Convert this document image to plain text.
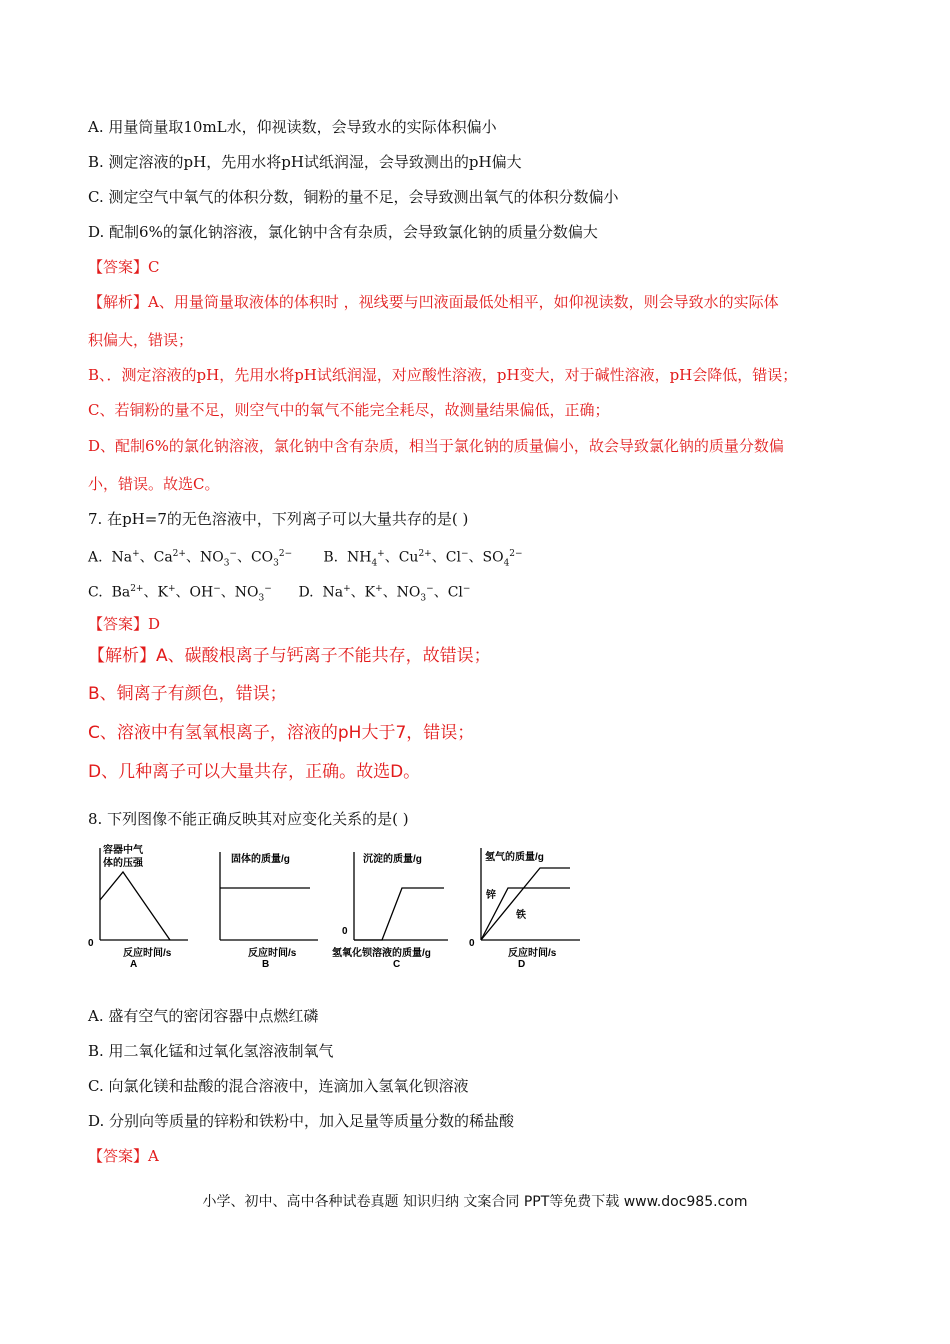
A. 用量筒量取10mL水，仰视读数，会导致水的实际体积偏小
B. 测定溶液的pH，先用水将pH试纸润湿，会导致测出的pH偏大
C. 测定空气中氧气的体积分数，铜粉的量不足，会导致测出氧气的体积分数偏小
D. 配制6%的氯化钠溶液，氯化钠中含有杂质，会导致氯化钠的质量分数偏大
【答案】C
【解析】A、用量筒量取液体的体积时 ，视线要与凹液面最低处相平，如仰视读数，则会导致水的实际体
积偏大，错误；
B、．测定溶液的pH，先用水将pH试纸润湿，对应酸性溶液，pH变大，对于碱性溶液，pH会降低，错误；
C、若铜粉的量不足，则空气中的氧气不能完全耗尽，故测量结果偏低，正确；
D、配制6%的氯化钠溶液，氯化钠中含有杂质，相当于氯化钠的质量偏小，故会导致氯化钠的质量分数偏
小，错误。故选C。
7. 在pH=7的无色溶液中，下列离子可以大量共存的是( )
A.  Na+、$Ca^{2+}$、$NO_3^-$、$CO_3^{2-}$       B.  $NH_4^+$、$Cu^{2+}$、Cl−、$SO_4^{2-}$
C.  $Ba^{2+}$、K+、OH−、$NO_3^-$      D.  Na+、K+、$NO_3^-$、Cl−
【答案】D
【解析】A、碳酸根离子与钙离子不能共存，故错误；
B、铜离子有颜色，错误；
C、溶液中有氢氧根离子，溶液的pH大于7，错误；
D、几种离子可以大量共存，正确。故选D。
8. 下列图像不能正确反映其对应变化关系的是( )
容器中气
体的压强
0
反应时间/s
A
固体的质量/g
反应时间/s
B
沉淀的质量/g
0
氢氧化钡溶液的质量/g
C
氢气的质量/g
锌
铁
0
反应时间/s
D
A. 盛有空气的密闭容器中点燃红磷
B. 用二氧化锰和过氧化氢溶液制氧气
C. 向氯化镁和盐酸的混合溶液中，连滴加入氢氧化钡溶液
D. 分别向等质量的锌粉和铁粉中，加入足量等质量分数的稀盐酸
【答案】A
小学、初中、高中各种试卷真题 知识归纳 文案合同 PPT等免费下载 www.doc985.com
